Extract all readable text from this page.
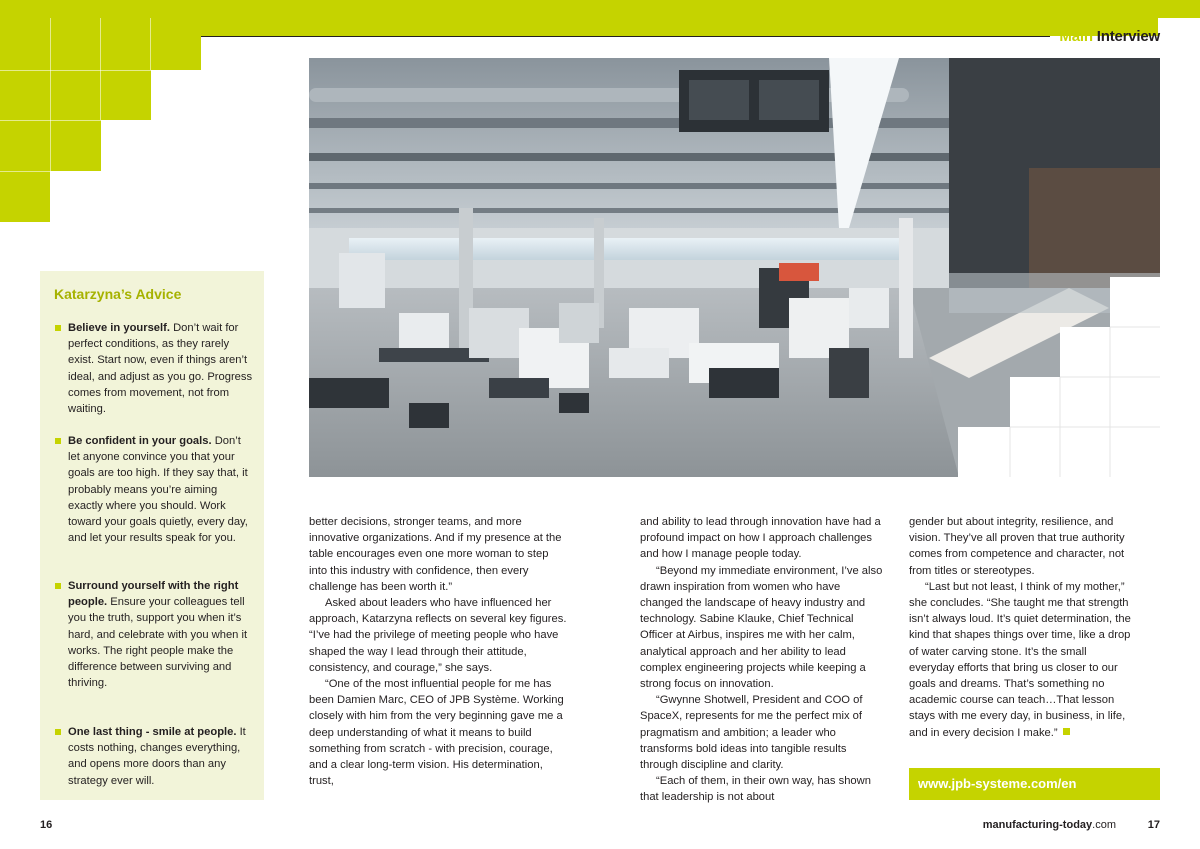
Main Interview
Katarzyna’s Advice
Believe in yourself. Don’t wait for perfect conditions, as they rarely exist. Start now, even if things aren’t ideal, and adjust as you go. Progress comes from movement, not from waiting.
Be confident in your goals. Don’t let anyone convince you that your goals are too high. If they say that, it probably means you’re aiming exactly where you should. Work toward your goals quietly, every day, and let your results speak for you.
Surround yourself with the right people. Ensure your colleagues tell you the truth, support you when it’s hard, and celebrate with you when it works. The right people make the difference between surviving and thriving.
One last thing - smile at people. It costs nothing, changes everything, and opens more doors than any strategy ever will.

better decisions, stronger teams, and more innovative organizations. And if my presence at the table encourages even one more woman to step into this industry with confidence, then every challenge has been worth it.”

Asked about leaders who have influenced her approach, Katarzyna reflects on several key figures. “I’ve had the privilege of meeting people who have shaped the way I lead through their attitude, consistency, and courage,” she says.

“One of the most influential people for me has been Damien Marc, CEO of JPB Système. Working closely with him from the very beginning gave me a deep understanding of what it means to build something from scratch - with precision, courage, and a clear long-term vision. His determination, trust,

and ability to lead through innovation have had a profound impact on how I approach challenges and how I manage people today.

“Beyond my immediate environment, I’ve also drawn inspiration from women who have changed the landscape of heavy industry and technology. Sabine Klauke, Chief Technical Officer at Airbus, inspires me with her calm, analytical approach and her ability to lead complex engineering projects while keeping a strong focus on innovation.

“Gwynne Shotwell, President and COO of SpaceX, represents for me the perfect mix of pragmatism and ambition; a leader who transforms bold ideas into tangible results through discipline and clarity.

“Each of them, in their own way, has shown that leadership is not about

gender but about integrity, resilience, and vision. They’ve all proven that true authority comes from competence and character, not from titles or stereotypes.

“Last but not least, I think of my mother,” she concludes. “She taught me that strength isn’t always loud. It’s quiet determination, the kind that shapes things over time, like a drop of water carving stone. It’s the small everyday efforts that bring us closer to our goals and dreams. That’s something no academic course can teach…That lesson stays with me every day, in business, in life, and in every decision I make.”

www.jpb-systeme.com/en
16	manufacturing-today.com	17
